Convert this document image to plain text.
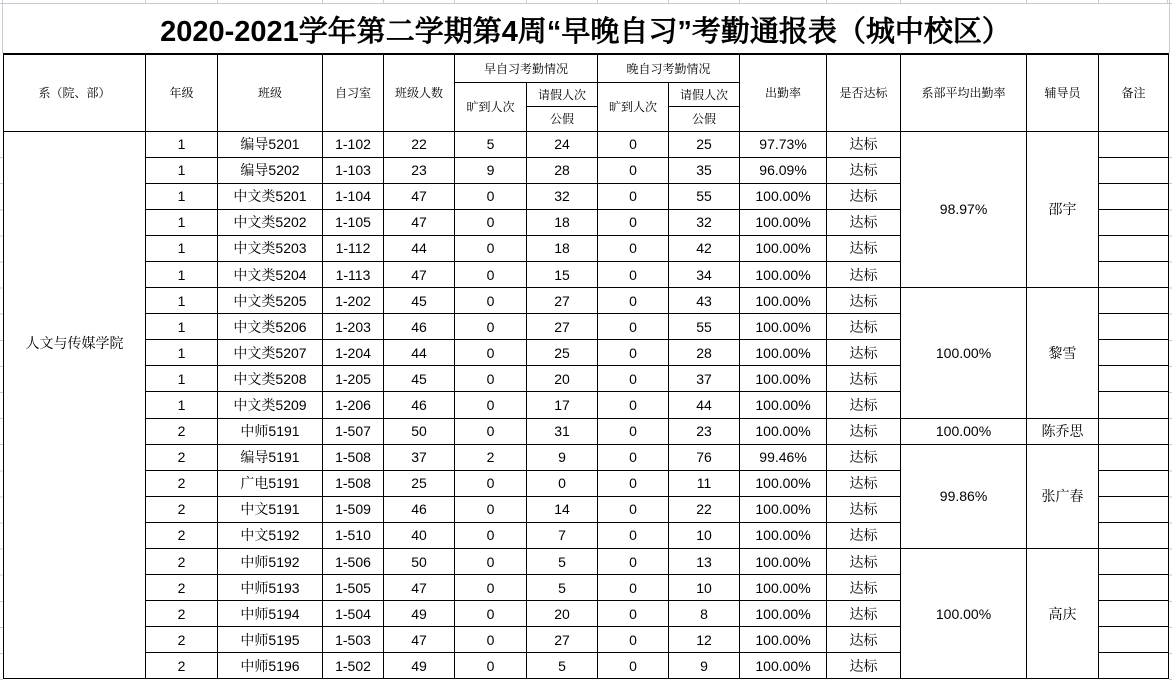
2020-2021学年第二学期第4周“早晚自习”考勤通报表（城中校区）
系（院、部）	年级	班级	自习室	班级人数	早自习考勤情况		晚自习考勤情况		出勤率	是否达标	系部平均出勤率	辅导员	备注
					旷到人次	请假人次	旷到人次	请假人次					
						公假		公假					
人文与传媒学院	1	编导5201	1-102	22	5	24	0	25	97.73%	达标	98.97%	邵宇	
	1	编导5202	1-103	23	9	28	0	35	96.09%	达标			
	1	中文类5201	1-104	47	0	32	0	55	100.00%	达标			
	1	中文类5202	1-105	47	0	18	0	32	100.00%	达标			
	1	中文类5203	1-112	44	0	18	0	42	100.00%	达标			
	1	中文类5204	1-113	47	0	15	0	34	100.00%	达标			
	1	中文类5205	1-202	45	0	27	0	43	100.00%	达标	100.00%	黎雪	
	1	中文类5206	1-203	46	0	27	0	55	100.00%	达标			
	1	中文类5207	1-204	44	0	25	0	28	100.00%	达标			
	1	中文类5208	1-205	45	0	20	0	37	100.00%	达标			
	1	中文类5209	1-206	46	0	17	0	44	100.00%	达标			
	2	中师5191	1-507	50	0	31	0	23	100.00%	达标	100.00%	陈乔思	
	2	编导5191	1-508	37	2	9	0	76	99.46%	达标	99.86%	张广春	
	2	广电5191	1-508	25	0	0	0	11	100.00%	达标			
	2	中文5191	1-509	46	0	14	0	22	100.00%	达标			
	2	中文5192	1-510	40	0	7	0	10	100.00%	达标			
	2	中师5192	1-506	50	0	5	0	13	100.00%	达标	100.00%	高庆	
	2	中师5193	1-505	47	0	5	0	10	100.00%	达标			
	2	中师5194	1-504	49	0	20	0	8	100.00%	达标			
	2	中师5195	1-503	47	0	27	0	12	100.00%	达标			
	2	中师5196	1-502	49	0	5	0	9	100.00%	达标			
